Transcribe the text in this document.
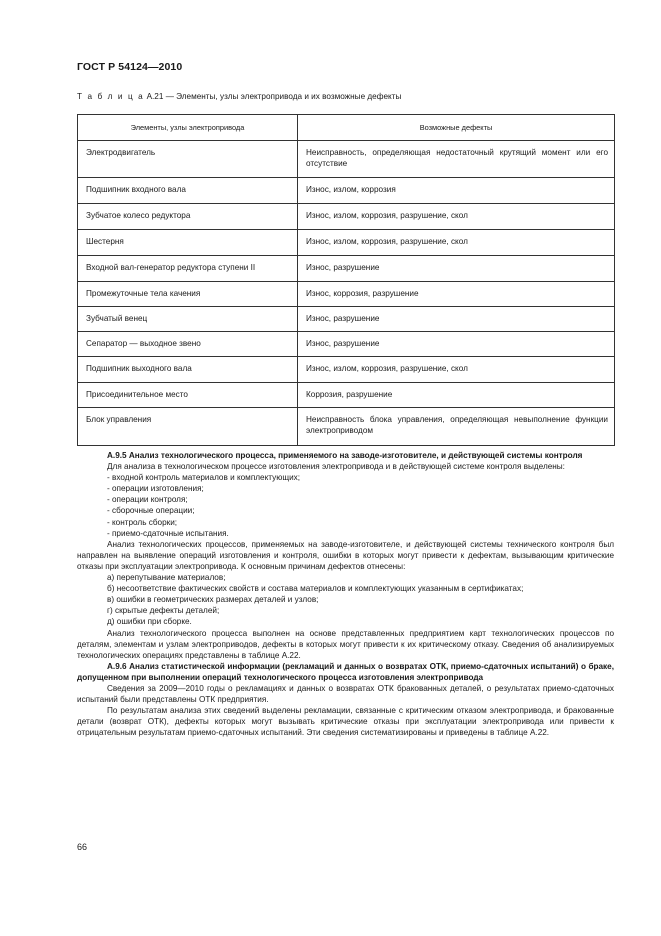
ГОСТ Р 54124—2010
Т а б л и ц а А.21 — Элементы, узлы электропривода и их возможные дефекты
Элементы, узлы электропривода	Возможные дефекты
Электродвигатель	Неисправность, определяющая недостаточный крутящий момент или его отсутствие
Подшипник входного вала	Износ, излом, коррозия
Зубчатое колесо редуктора	Износ, излом, коррозия, разрушение, скол
Шестерня	Износ, излом, коррозия, разрушение, скол
Входной вал-генератор редуктора ступени II	Износ, разрушение
Промежуточные тела качения	Износ, коррозия, разрушение
Зубчатый венец	Износ, разрушение
Сепаратор — выходное звено	Износ, разрушение
Подшипник выходного вала	Износ, излом, коррозия, разрушение, скол
Присоединительное место	Коррозия, разрушение
Блок управления	Неисправность блока управления, определяющая невыполнение функции электроприводом

А.9.5 Анализ технологического процесса, применяемого на заводе-изготовителе, и действующей системы контроля

Для анализа в технологическом процессе изготовления электропривода и в действующей системе контроля выделены:

- входной контроль материалов и комплектующих;

- операции изготовления;

- операции контроля;

- сборочные операции;

- контроль сборки;

- приемо-сдаточные испытания.

Анализ технологических процессов, применяемых на заводе-изготовителе, и действующей системы технического контроля был направлен на выявление операций изготовления и контроля, ошибки в которых могут привести к дефектам, вызывающим критические отказы при эксплуатации электропривода. К основным причинам дефектов отнесены:

а) перепутывание материалов;

б) несоответствие фактических свойств и состава материалов и комплектующих указанным в сертификатах;

в) ошибки в геометрических размерах деталей и узлов;

г) скрытые дефекты деталей;

д) ошибки при сборке.

Анализ технологического процесса выполнен на основе представленных предприятием карт технологических процессов по деталям, элементам и узлам электроприводов, дефекты в которых могут привести к их критическому отказу. Сведения об анализируемых технологических операциях представлены в таблице А.22.

А.9.6 Анализ статистической информации (рекламаций и данных о возвратах ОТК, приемо-сдаточных испытаний) о браке, допущенном при выполнении операций технологического процесса изготовления электропривода

Сведения за 2009—2010 годы о рекламациях и данных о возвратах ОТК бракованных деталей, о результатах приемо-сдаточных испытаний были представлены ОТК предприятия.

По результатам анализа этих сведений выделены рекламации, связанные с критическим отказом электропривода, и бракованные детали (возврат ОТК), дефекты которых могут вызывать критические отказы при эксплуатации электропривода или привести к отрицательным результатам приемо-сдаточных испытаний. Эти сведения систематизированы и приведены в таблице А.22.

66
